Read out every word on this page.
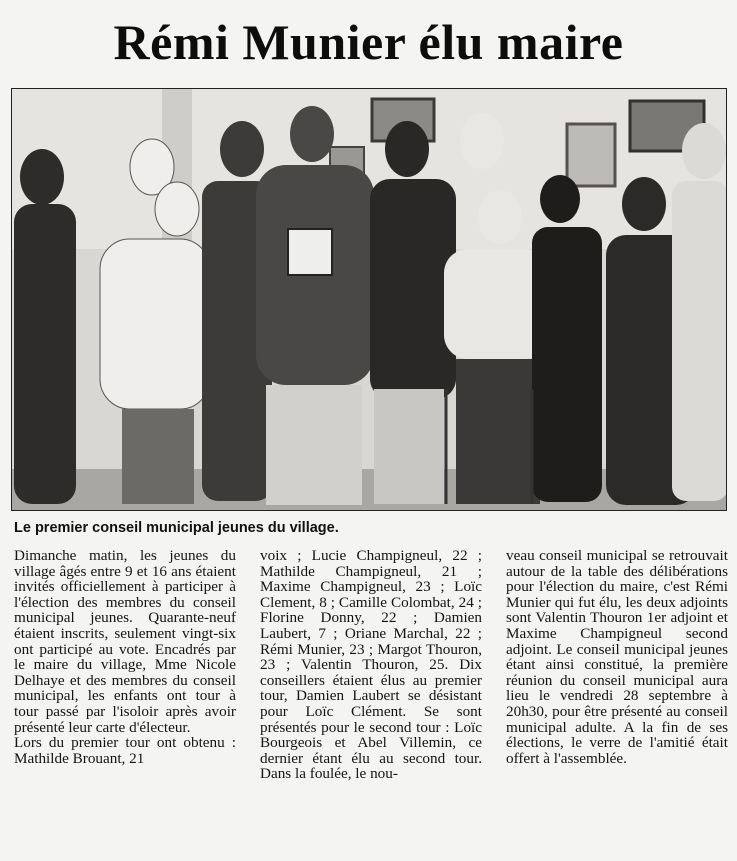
Rémi Munier élu maire
Le premier conseil municipal jeunes du village.

Dimanche matin, les jeunes du village âgés entre 9 et 16 ans étaient invités officiellement à participer à l'élection des membres du conseil municipal jeunes. Quarante-neuf étaient inscrits, seulement vingt-six ont participé au vote. Encadrés par le maire du village, Mme Nicole Delhaye et des membres du conseil municipal, les enfants ont tour à tour passé par l'isoloir après avoir présenté leur carte d'électeur.

Lors du premier tour ont obtenu : Mathilde Brouant, 21

voix ; Lucie Champigneul, 22 ; Mathilde Champigneul, 21 ; Maxime Champigneul, 23 ; Loïc Clement, 8 ; Camille Colombat, 24 ; Florine Donny, 22 ; Damien Laubert, 7 ; Oriane Marchal, 22 ; Rémi Munier, 23 ; Margot Thouron, 23 ; Valentin Thouron, 25. Dix conseillers étaient élus au premier tour, Damien Laubert se désistant pour Loïc Clément. Se sont présentés pour le second tour : Loïc Bourgeois et Abel Villemin, ce dernier étant élu au second tour. Dans la foulée, le nou-

veau conseil municipal se retrouvait autour de la table des délibérations pour l'élection du maire, c'est Rémi Munier qui fut élu, les deux adjoints sont Valentin Thouron 1er adjoint et Maxime Champigneul second adjoint. Le conseil municipal jeunes étant ainsi constitué, la première réunion du conseil municipal aura lieu le vendredi 28 septembre à 20h30, pour être présenté au conseil municipal adulte. A la fin de ses élections, le verre de l'amitié était offert à l'assemblée.
